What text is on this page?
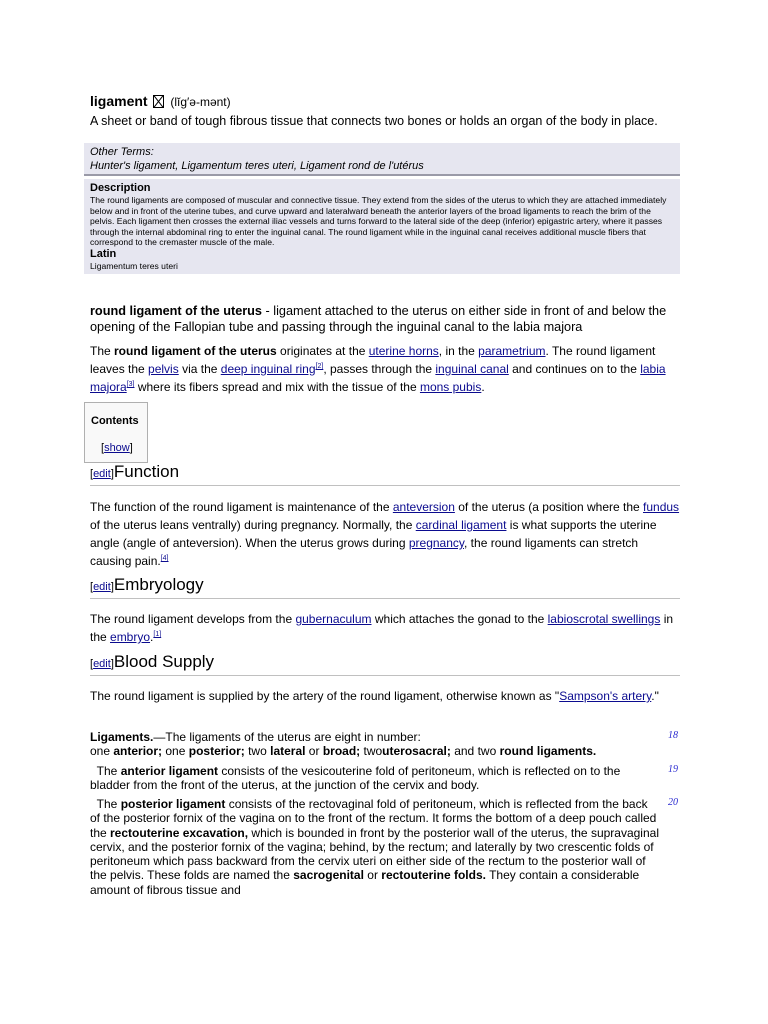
ligament (lĭg′ə-mənt)
A sheet or band of tough fibrous tissue that connects two bones or holds an organ of the body in place.
Other Terms:
Hunter's ligament, Ligamentum teres uteri, Ligament rond de l'utérus
Description
The round ligaments are composed of muscular and connective tissue. They extend from the sides of the uterus to which they are attached immediately below and in front of the uterine tubes, and curve upward and lateralward beneath the anterior layers of the broad ligaments to reach the brim of the pelvis. Each ligament then crosses the external iliac vessels and turns forward to the lateral side of the deep (inferior) epigastric artery, where it passes through the internal abdominal ring to enter the inguinal canal. The round ligament while in the inguinal canal receives additional muscle fibers that correspond to the cremaster muscle of the male.
Latin
Ligamentum teres uteri
round ligament of the uterus - ligament attached to the uterus on either side in front of and below the opening of the Fallopian tube and passing through the inguinal canal to the labia majora
The round ligament of the uterus originates at the uterine horns, in the parametrium. The round ligament leaves the pelvis via the deep inguinal ring[2], passes through the inguinal canal and continues on to the labia majora[3] where its fibers spread and mix with the tissue of the mons pubis.
Contents
[show]
[edit]Function
The function of the round ligament is maintenance of the anteversion of the uterus (a position where the fundus of the uterus leans ventrally) during pregnancy. Normally, the cardinal ligament is what supports the uterine angle (angle of anteversion). When the uterus grows during pregnancy, the round ligaments can stretch causing pain.[4]
[edit]Embryology
The round ligament develops from the gubernaculum which attaches the gonad to the labioscrotal swellings in the embryo.[1]
[edit]Blood Supply
The round ligament is supplied by the artery of the round ligament, otherwise known as "Sampson's artery."
Ligaments.—The ligaments of the uterus are eight in number:
one anterior; one posterior; two lateral or broad; twouterosacral; and two round ligaments.
18
The anterior ligament consists of the vesicouterine fold of peritoneum, which is reflected on to the bladder from the front of the uterus, at the junction of the cervix and body.
19
The posterior ligament consists of the rectovaginal fold of peritoneum, which is reflected from the back of the posterior fornix of the vagina on to the front of the rectum. It forms the bottom of a deep pouch called the rectouterine excavation, which is bounded in front by the posterior wall of the uterus, the supravaginal cervix, and the posterior fornix of the vagina; behind, by the rectum; and laterally by two crescentic folds of peritoneum which pass backward from the cervix uteri on either side of the rectum to the posterior wall of the pelvis. These folds are named the sacrogenital or rectouterine folds. They contain a considerable amount of fibrous tissue and
20
